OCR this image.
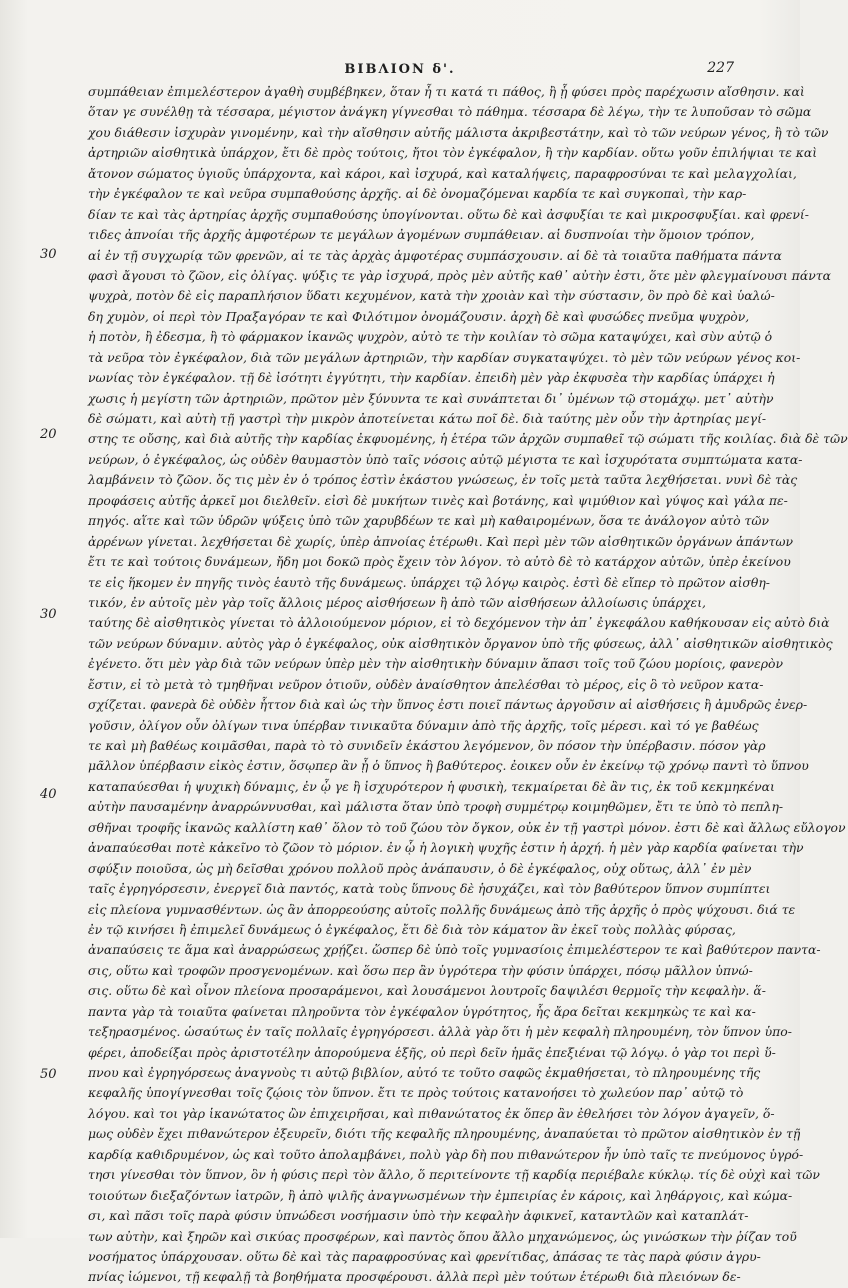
ΒΙΒΛΙΟΝ δ'.	227
30
20
30
40
50
συμπάθειαν ἐπιμελέστερον ἀγαθὴ συμβέβηκεν, ὅταν ἦ τι κατά τι πάθος, ἢ ᾗ φύσει πρὸς παρέχωσιν αἴσθησιν. καὶ
ὅταν γε συνέλθῃ τὰ τέσσαρα, μέγιστον ἀνάγκη γίγνεσθαι τὸ πάθημα. τέσσαρα δὲ λέγω, τὴν τε λυποῦσαν τὸ σῶμα
χου διάθεσιν ἰσχυρὰν γινομένην, καὶ τὴν αἴσθησιν αὐτῆς μάλιστα ἀκριβεστάτην, καὶ τὸ τῶν νεύρων γένος, ἢ τὸ τῶν
ἀρτηριῶν αἰσθητικὰ ὑπάρχον, ἔτι δὲ πρὸς τούτοις, ἤτοι τὸν ἐγκέφαλον, ἢ τὴν καρδίαν. οὕτω γοῦν ἐπιλήψιαι τε καὶ
ἄτονον σώματος ὑγιοῦς ὑπάρχοντα, καὶ κάροι, καὶ ἰσχυρά, καὶ καταλήψεις, παραφροσύναι τε καὶ μελαγχολίαι,
τὴν ἐγκέφαλον τε καὶ νεῦρα συμπαθούσης ἀρχῆς. αἱ δὲ ὀνομαζόμεναι καρδία τε καὶ συγκοπαὶ, τὴν καρ-
δίαν τε καὶ τὰς ἀρτηρίας ἀρχῆς συμπαθούσης ὑπογίνονται. οὕτω δὲ καὶ ἀσφυξίαι τε καὶ μικροσφυξίαι. καὶ φρενί-
τιδες ἀπνοίαι τῆς ἀρχῆς ἀμφοτέρων τε μεγάλων ἀγομένων συμπάθειαν. αἱ δυσπνοίαι τὴν ὅμοιον τρόπον,
αἱ ἐν τῇ συγχωρίᾳ τῶν φρενῶν, αἱ τε τὰς ἀρχὰς ἀμφοτέρας συμπάσχουσιν. αἱ δὲ τὰ τοιαῦτα παθήματα πάντα
φασὶ ἄγουσι τὸ ζῶον, εἰς ὀλίγας. ψύξις τε γὰρ ἰσχυρά, πρὸς μὲν αὐτῆς καθ᾽ αὐτὴν ἐστι, ὅτε μὲν φλεγμαίνουσι πάντα
ψυχρὰ, ποτὸν δὲ εἰς παραπλήσιον ὕδατι κεχυμένον, κατὰ τὴν χροιὰν καὶ τὴν σύστασιν, ὃν πρὸ δὲ καὶ ὑαλώ-
δη χυμὸν, οἱ περὶ τὸν Πραξαγόραν τε καὶ Φιλότιμον ὀνομάζουσιν. ἀρχὴ δὲ καὶ φυσώδες πνεῦμα ψυχρὸν,
ἡ ποτὸν, ἢ ἐδεσμα, ἢ τὸ φάρμακον ἱκανῶς ψυχρὸν, αὐτὸ τε τὴν κοιλίαν τὸ σῶμα καταψύχει, καὶ σὺν αὐτῷ ὁ
τὰ νεῦρα τὸν ἐγκέφαλον, διὰ τῶν μεγάλων ἀρτηριῶν, τὴν καρδίαν συγκαταψύχει. τὸ μὲν τῶν νεύρων γένος κοι-
νωνίας τὸν ἐγκέφαλον. τῇ δὲ ἰσότητι ἐγγύτητι, τὴν καρδίαν. ἐπειδὴ μὲν γὰρ ἐκφυσὲα τὴν καρδίας ὑπάρχει ἡ
χωσις ἡ μεγίστη τῶν ἀρτηριῶν, πρῶτον μὲν ξύνυντα τε καὶ συνάπτεται δι᾽ ὑμένων τῷ στομάχῳ. μετ᾽ αὐτὴν
δὲ σώματι, καὶ αὐτὴ τῇ γαστρὶ τὴν μικρὸν ἀποτείνεται κάτω ποῖ δὲ. διὰ ταύτης μὲν οὖν τὴν ἀρτηρίας μεγί-
στης τε οὔσης, καὶ διὰ αὐτῆς τὴν καρδίας ἐκφυομένης, ἡ ἑτέρα τῶν ἀρχῶν συμπαθεῖ τῷ σώματι τῆς κοιλίας. διὰ δὲ τῶν
νεύρων, ὁ ἐγκέφαλος, ὡς οὐδὲν θαυμαστὸν ὑπὸ ταῖς νόσοις αὐτῷ μέγιστα τε καὶ ἰσχυρότατα συμπτώματα κατα-
λαμβάνειν τὸ ζῶον. ὅς τις μὲν ἐν ὁ τρόπος ἐστὶν ἑκάστου γνώσεως, ἐν τοῖς μετὰ ταῦτα λεχθήσεται. νυνὶ δὲ τὰς
προφάσεις αὐτῆς ἀρκεῖ μοι διελθεῖν. εἰσὶ δὲ μυκήτων τινὲς καὶ βοτάνης, καὶ ψιμύθιον καὶ γύψος καὶ γάλα πε-
πηγός. αἵτε καὶ τῶν ὑδρῶν ψύξεις ὑπὸ τῶν χαρυβδέων τε καὶ μὴ καθαιρομένων, ὅσα τε ἀνάλογον αὐτὸ τῶν
ἀρρένων γίνεται. λεχθήσεται δὲ χωρίς, ὑπὲρ ἀπνοίας ἑτέρωθι. Καὶ περὶ μὲν τῶν αἰσθητικῶν ὀργάνων ἁπάντων
ἔτι τε καὶ τούτοις δυνάμεων, ἤδη μοι δοκῶ πρὸς ἔχειν τὸν λόγον. τὸ αὐτὸ δὲ τὸ κατάρχον αὐτῶν, ὑπὲρ ἐκείνου
τε εἰς ἥκομεν ἐν πηγῆς τινὸς ἑαυτὸ τῆς δυνάμεως. ὑπάρχει τῷ λόγῳ καιρὸς. ἐστὶ δὲ εἴπερ τὸ πρῶτον αἰσθη-
τικόν, ἐν αὐτοῖς μὲν γὰρ τοῖς ἄλλοις μέρος αἰσθήσεων ἢ ἀπὸ τῶν αἰσθήσεων ἀλλοίωσις ὑπάρχει,
ταύτης δὲ αἰσθητικὸς γίνεται τὸ ἀλλοιούμενον μόριον, εἰ τὸ δεχόμενον τὴν ἀπ᾽ ἐγκεφάλου καθήκουσαν εἰς αὐτὸ διὰ
τῶν νεύρων δύναμιν. αὐτὸς γὰρ ὁ ἐγκέφαλος, οὐκ αἰσθητικὸν ὄργανον ὑπὸ τῆς φύσεως, ἀλλ᾽ αἰσθητικῶν αἰσθητικὸς
ἐγένετο. ὅτι μὲν γὰρ διὰ τῶν νεύρων ὑπὲρ μὲν τὴν αἰσθητικὴν δύναμιν ἅπασι τοῖς τοῦ ζώου μορίοις, φανερὸν
ἔστιν, εἰ τὸ μετὰ τὸ τμηθῆναι νεῦρον ὁτιοῦν, οὐδὲν ἀναίσθητον ἀπελέσθαι τὸ μέρος, εἰς ὃ τὸ νεῦρον κατα-
σχίζεται. φανερὰ δὲ οὐδὲν ἧττον διὰ καὶ ὡς τὴν ὕπνος ἐστι ποιεῖ πάντως ἀργοῦσιν αἱ αἰσθήσεις ἢ ἀμυδρῶς ἐνερ-
γοῦσιν, ὀλίγον οὖν ὀλίγων τινα ὑπέρβαν τινικαῦτα δύναμιν ἀπὸ τῆς ἀρχῆς, τοῖς μέρεσι. καὶ τό γε βαθέως
τε καὶ μὴ βαθέως κοιμᾶσθαι, παρὰ τὸ τὸ συνιδεῖν ἑκάστου λεγόμενον, ὃν πόσον τὴν ὑπέρβασιν. πόσον γὰρ
μᾶλλον ὑπέρβασιν εἰκὸς ἐστιν, ὅσῳπερ ἂν ᾖ ὁ ὕπνος ἢ βαθύτερος. ἐοικεν οὖν ἐν ἐκείνῳ τῷ χρόνῳ παντὶ τὸ ὕπνου
καταπαύεσθαι ἡ ψυχικὴ δύναμις, ἐν ᾧ γε ἢ ἰσχυρότερον ἡ φυσικὴ, τεκμαίρεται δὲ ἂν τις, ἐκ τοῦ κεκμηκέναι
αὐτὴν παυσαμένην ἀναρρώννυσθαι, καὶ μάλιστα ὅταν ὑπὸ τροφὴ συμμέτρῳ κοιμηθῶμεν, ἔτι τε ὑπὸ τὸ πεπλη-
σθῆναι τροφῆς ἱκανῶς καλλίστη καθ᾽ ὅλον τὸ τοῦ ζώου τὸν ὄγκον, οὐκ ἐν τῇ γαστρὶ μόνον. ἐστι δὲ καὶ ἄλλως εὔλογον
ἀναπαύεσθαι ποτὲ κἀκεῖνο τὸ ζῶον τὸ μόριον. ἐν ᾧ ἡ λογικὴ ψυχῆς ἐστιν ἡ ἀρχή. ἡ μὲν γὰρ καρδία φαίνεται τὴν
σφύξιν ποιοῦσα, ὡς μὴ δεῖσθαι χρόνου πολλοῦ πρὸς ἀνάπαυσιν, ὁ δὲ ἐγκέφαλος, οὐχ οὕτως, ἀλλ᾽ ἐν μὲν
ταῖς ἐγρηγόρσεσιν, ἐνεργεῖ διὰ παντός, κατὰ τοὺς ὕπνους δὲ ἡσυχάζει, καὶ τὸν βαθύτερον ὕπνον συμπίπτει
εἰς πλείονα γυμνασθέντων. ὡς ἂν ἀπορρεούσης αὐτοῖς πολλῆς δυνάμεως ἀπὸ τῆς ἀρχῆς ὁ πρὸς ψύχουσι. διά τε
ἐν τῷ κινήσει ἢ ἐπιμελεῖ δυνάμεως ὁ ἐγκέφαλος, ἔτι δὲ διὰ τὸν κάματον ἂν ἐκεῖ τοὺς πολλὰς φύρσας,
ἀναπαύσεις τε ἅμα καὶ ἀναρρώσεως χρῄζει. ὥσπερ δὲ ὑπὸ τοῖς γυμνασίοις ἐπιμελέστερον τε καὶ βαθύτερον παντα-
σις, οὕτω καὶ τροφῶν προσγενομένων. καὶ ὅσω περ ἂν ὑγρότερα τὴν φύσιν ὑπάρχει, πόσῳ μᾶλλον ὑπνώ-
σις. οὕτω δὲ καὶ οἶνον πλείονα προσαράμενοι, καὶ λουσάμενοι λουτροῖς δαψιλέσι θερμοῖς τὴν κεφαλὴν. ἅ-
παντα γὰρ τὰ τοιαῦτα φαίνεται πληροῦντα τὸν ἐγκέφαλον ὑγρότητος, ἧς ἄρα δεῖται κεκμηκὼς τε καὶ κα-
τεξηρασμένος. ὡσαύτως ἐν ταῖς πολλαῖς ἐγρηγόρσεσι. ἀλλὰ γὰρ ὅτι ἡ μὲν κεφαλὴ πληρουμένη, τὸν ὕπνον ὑπο-
φέρει, ἀποδείξαι πρὸς ἀριστοτέλην ἀπορούμενα ἑξῆς, οὐ περὶ δεῖν ἡμᾶς ἐπεξιέναι τῷ λόγῳ. ὁ γὰρ τοι περὶ ὕ-
πνου καὶ ἐγρηγόρσεως ἀναγνοὺς τι αὐτῷ βιβλίον, αὐτό τε τοῦτο σαφῶς ἐκμαθήσεται, τὸ πληρουμένης τῆς
κεφαλῆς ὑπογίγνεσθαι τοῖς ζῴοις τὸν ὕπνον. ἔτι τε πρὸς τούτοις κατανοήσει τὸ χωλεύον παρ᾽ αὐτῷ τὸ
λόγου. καὶ τοι γὰρ ἱκανώτατος ὢν ἐπιχειρῆσαι, καὶ πιθανώτατος ἐκ ὅπερ ἂν ἐθελήσει τὸν λόγον ἀγαγεῖν, ὅ-
μως οὐδὲν ἔχει πιθανώτερον ἐξευρεῖν, διότι τῆς κεφαλῆς πληρουμένης, ἀναπαύεται τὸ πρῶτον αἰσθητικὸν ἐν τῇ
καρδίᾳ καθιδρυμένον, ὡς καὶ τοῦτο ἀπολαμβάνει, πολὺ γὰρ δὴ που πιθανώτερον ἦν ὑπὸ ταῖς τε πνεύμονος ὑγρό-
τησι γίνεσθαι τὸν ὕπνον, ὃν ἡ φύσις περὶ τὸν ἄλλο, ὅ περιτείνοντε τῇ καρδίᾳ περιέβαλε κύκλῳ. τίς δὲ οὐχὶ καὶ τῶν
τοιούτων διεξαζόντων ἰατρῶν, ἢ ἀπὸ ψιλῆς ἀναγνωσμένων τὴν ἐμπειρίας ἐν κάροις, καὶ ληθάργοις, καὶ κώμα-
σι, καὶ πᾶσι τοῖς παρὰ φύσιν ὑπνώδεσι νοσήμασιν ὑπὸ τὴν κεφαλὴν ἀφικνεῖ, καταντλῶν καὶ καταπλάτ-
των αὐτὴν, καὶ ξηρῶν καὶ σικύας προσφέρων, καὶ παντὸς ὅπου ἄλλο μηχανώμενος, ὡς γινώσκων τὴν ῥίζαν τοῦ
νοσήματος ὑπάρχουσαν. οὕτω δὲ καὶ τὰς παραφροσύνας καὶ φρενίτιδας, ἁπάσας τε τὰς παρὰ φύσιν ἀγρυ-
πνίας ἰώμενοι, τῇ κεφαλῇ τὰ βοηθήματα προσφέρουσι. ἀλλὰ περὶ μὲν τούτων ἑτέρωθι διὰ πλειόνων δε-
